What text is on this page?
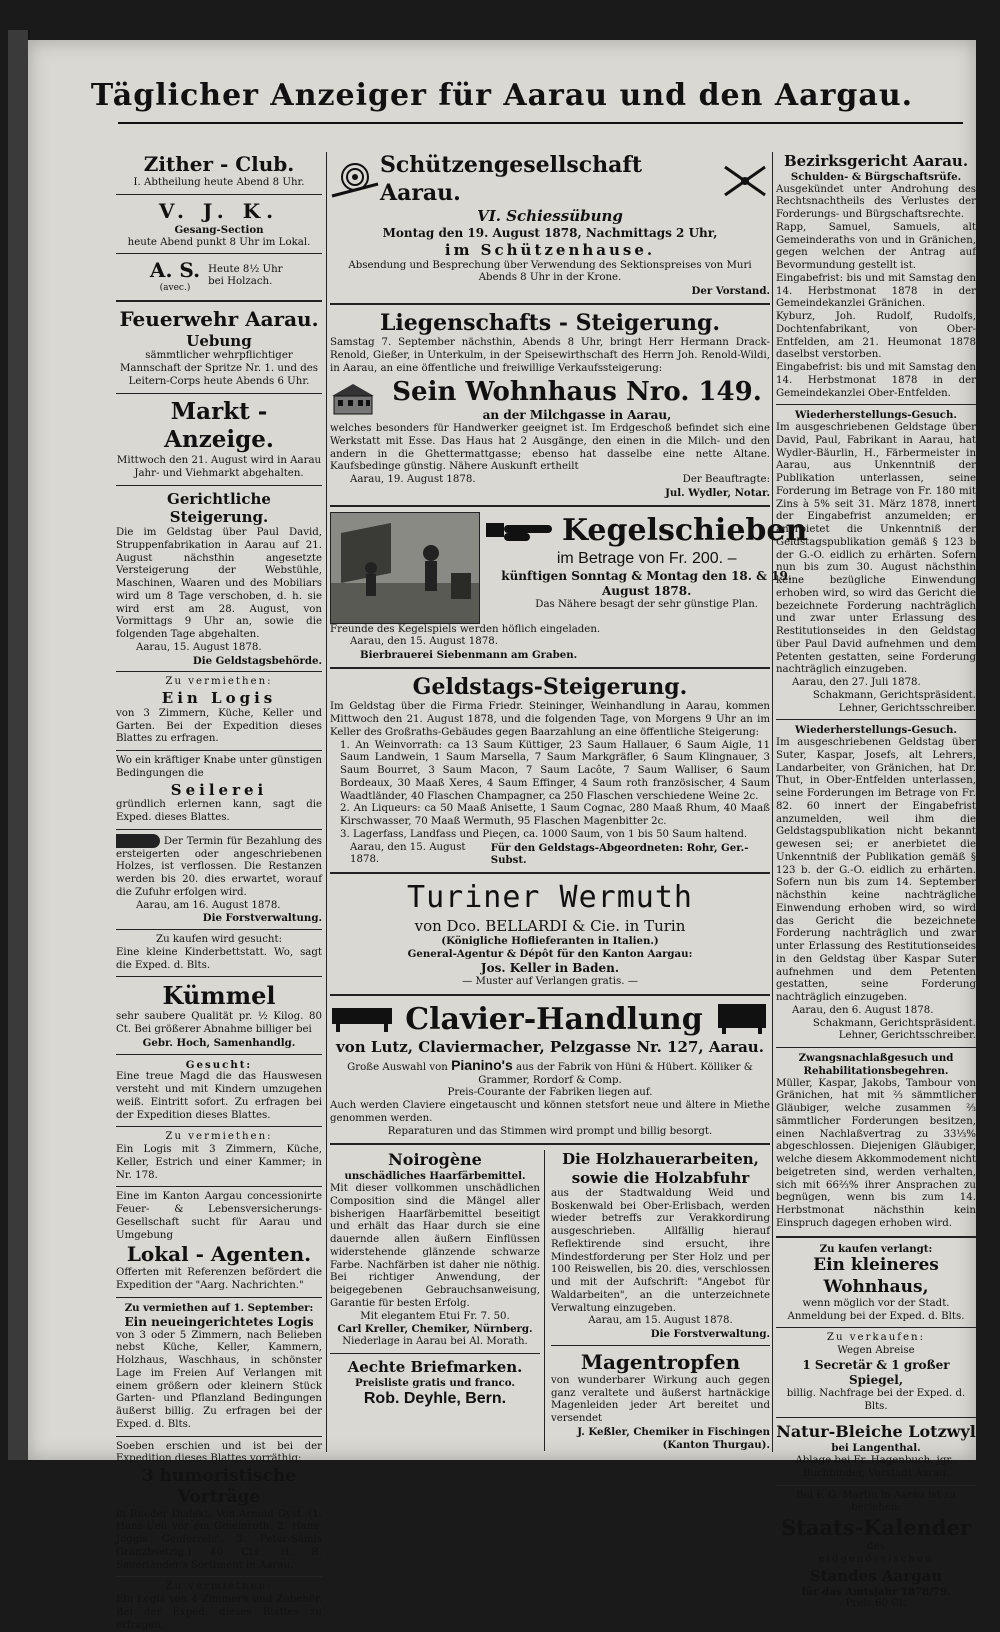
Täglicher Anzeiger für Aarau und den Aargau.

Zither - Club.

I. Abtheilung heute Abend 8 Uhr.

V. J. K.

Gesang-Section

heute Abend punkt 8 Uhr im Lokal.

A. S.

(avec.)

Heute 8½ Uhr bei Holzach.

Feuerwehr Aarau.

Uebung

sämmtlicher wehrpflichtiger Mannschaft der Spritze Nr. 1. und des Leitern-Corps heute Abends 6 Uhr.

Markt - Anzeige.

Mittwoch den 21. August wird in Aarau Jahr- und Viehmarkt abgehalten.

Gerichtliche Steigerung.

Die im Geldstag über Paul David, Struppenfabrikation in Aarau auf 21. August nächsthin angesetzte Versteigerung der Webstühle, Maschinen, Waaren und des Mobiliars wird um 8 Tage verschoben, d. h. sie wird erst am 28. August, von Vormittags 9 Uhr an, sowie die folgenden Tage abgehalten.

Aarau, 15. August 1878.

Die Geldstagsbehörde.

Zu vermiethen:

Ein Logis

von 3 Zimmern, Küche, Keller und Garten. Bei der Expedition dieses Blattes zu erfragen.

Wo ein kräftiger Knabe unter günstigen Bedingungen die

Seilerei

gründlich erlernen kann, sagt die Exped. dieses Blattes.

Der Termin für Bezahlung des ersteigerten oder angeschriebenen Holzes, ist verflossen. Die Restanzen werden bis 20. dies erwartet, worauf die Zufuhr erfolgen wird.

Aarau, am 16. August 1878.

Die Forstverwaltung.

Zu kaufen wird gesucht:

Eine kleine Kinderbettstatt. Wo, sagt die Exped. d. Blts.

Kümmel

sehr saubere Qualität pr. ½ Kilog. 80 Ct. Bei größerer Abnahme billiger bei

Gebr. Hoch, Samenhandlg.

Gesucht:

Eine treue Magd die das Hauswesen versteht und mit Kindern umzugehen weiß. Eintritt sofort. Zu erfragen bei der Expedition dieses Blattes.

Zu vermiethen:

Ein Logis mit 3 Zimmern, Küche, Keller, Estrich und einer Kammer; in Nr. 178.

Eine im Kanton Aargau concessionirte Feuer- & Lebensversicherungs-Gesellschaft sucht für Aarau und Umgebung

Lokal - Agenten.

Offerten mit Referenzen befördert die Expedition der "Aarg. Nachrichten."

Zu vermiethen auf 1. September:

Ein neueingerichtetes Logis

von 3 oder 5 Zimmern, nach Belieben nebst Küche, Keller, Kammern, Holzhaus, Waschhaus, in schönster Lage im Freien Auf Verlangen mit einem größern oder kleinern Stück Garten- und Pflanzland Bedingungen äußerst billig. Zu erfragen bei der Exped. d. Blts.

Soeben erschien und ist bei der Expedition dieses Blattes vorräthig:

3 humoristische Vorträge

in Rueder Dialekt. Von Arnold Gyst. (1. Hans-Ueli vor em Gmeinroth. 2. Hans-Joggis Genferreis'. 3. Peter-Sämis Gränzbsetzig.) 40 Cts. H. R. Sauerländer's Sortiment in Aarau.

Zu vermiethen:

Ein Logis von 4 Zimmern und Zubehör. Bei der Exped. dieses Blattes zu erfragen.

Schützengesellschaft Aarau.

VI. Schiessübung

Montag den 19. August 1878, Nachmittags 2 Uhr,

im Schützenhause.

Absendung und Besprechung über Verwendung des Sektionspreises von Muri Abends 8 Uhr in der Krone.

Der Vorstand.

Liegenschafts - Steigerung.

Samstag 7. September nächsthin, Abends 8 Uhr, bringt Herr Hermann Drack-Renold, Gießer, in Unterkulm, in der Speisewirthschaft des Herrn Joh. Renold-Wildi, in Aarau, an eine öffentliche und freiwillige Verkaufssteigerung:

Sein Wohnhaus Nro. 149.

an der Milchgasse in Aarau,

welches besonders für Handwerker geeignet ist. Im Erdgeschoß befindet sich eine Werkstatt mit Esse. Das Haus hat 2 Ausgänge, den einen in die Milch- und den andern in die Ghettermattgasse; ebenso hat dasselbe eine nette Altane. Kaufsbedinge günstig. Nähere Auskunft ertheilt

Aarau, 19. August 1878.	Der Beauftragte:

Jul. Wydler, Notar.

Kegelschieben

im Betrage von Fr. 200. –

künftigen Sonntag & Montag den 18. & 19. August 1878.

Das Nähere besagt der sehr günstige Plan.

Freunde des Kegelspiels werden höflich eingeladen.

Aarau, den 15. August 1878.

Bierbrauerei Siebenmann am Graben.

Geldstags-Steigerung.

Im Geldstag über die Firma Friedr. Steininger, Weinhandlung in Aarau, kommen Mittwoch den 21. August 1878, und die folgenden Tage, von Morgens 9 Uhr an im Keller des Großraths-Gebäudes gegen Baarzahlung an eine öffentliche Steigerung:

1. An Weinvorrath: ca 13 Saum Küttiger, 23 Saum Hallauer, 6 Saum Aigle, 11 Saum Landwein, 1 Saum Marsella, 7 Saum Markgräfler, 6 Saum Klingnauer, 3 Saum Bourret, 3 Saum Macon, 7 Saum Lacôte, 7 Saum Walliser, 6 Saum Bordeaux, 30 Maaß Xeres, 4 Saum Effinger, 4 Saum roth französischer, 4 Saum Waadtländer, 40 Flaschen Champagner, ca 250 Flaschen verschiedene Weine 2c.

2. An Liqueurs: ca 50 Maaß Anisette, 1 Saum Cognac, 280 Maaß Rhum, 40 Maaß Kirschwasser, 70 Maaß Wermuth, 95 Flaschen Magenbitter 2c.

3. Lagerfass, Landfass und Pieçen, ca. 1000 Saum, von 1 bis 50 Saum haltend.

Aarau, den 15. August 1878.
Für den Geldstags-Abgeordneten: Rohr, Ger.-Subst.

Turiner Wermuth

von Dco. BELLARDI & Cie. in Turin

(Königliche Hoflieferanten in Italien.)

General-Agentur & Dépôt für den Kanton Aargau:

Jos. Keller in Baden.

— Muster auf Verlangen gratis. —

Clavier-Handlung

von Lutz, Claviermacher, Pelzgasse Nr. 127, Aarau.

Große Auswahl von Pianino's aus der Fabrik von Hüni & Hübert. Kölliker & Grammer, Rordorf & Comp.

Preis-Courante der Fabriken liegen auf.

Auch werden Claviere eingetauscht und können stetsfort neue und ältere in Miethe genommen werden.

Reparaturen und das Stimmen wird prompt und billig besorgt.

Noirogène

unschädliches Haarfärbemittel.

Mit dieser vollkommen unschädlichen Composition sind die Mängel aller bisherigen Haarfärbemittel beseitigt und erhält das Haar durch sie eine dauernde allen äußern Einflüssen widerstehende glänzende schwarze Farbe. Nachfärben ist daher nie nöthig. Bei richtiger Anwendung, der beigegebenen Gebrauchsanweisung, Garantie für besten Erfolg.

Mit elegantem Etui Fr. 7. 50.

Carl Kreller, Chemiker, Nürnberg.

Niederlage in Aarau bei Al. Morath.

Aechte Briefmarken.

Preisliste gratis und franco.

Rob. Deyhle, Bern.

Die Holzhauerarbeiten, sowie die Holzabfuhr

aus der Stadtwaldung Weid und Boskenwald bei Ober-Erlisbach, werden wieder betreffs zur Verakkordirung ausgeschrieben. Allfällig hierauf Reflektirende sind ersucht, ihre Mindestforderung per Ster Holz und per 100 Reiswellen, bis 20. dies, verschlossen und mit der Aufschrift: "Angebot für Waldarbeiten", an die unterzeichnete Verwaltung einzugeben.

Aarau, am 15. August 1878.

Die Forstverwaltung.

Magentropfen

von wunderbarer Wirkung auch gegen ganz veraltete und äußerst hartnäckige Magenleiden jeder Art bereitet und versendet

J. Keßler, Chemiker in Fischingen (Kanton Thurgau).

Bezirksgericht Aarau.

Schulden- & Bürgschaftsrüfe.

Ausgekündet unter Androhung des Rechtsnachtheils des Verlustes der Forderungs- und Bürgschaftsrechte.

Rapp, Samuel, Samuels, alt Gemeinderaths von und in Gränichen, gegen welchen der Antrag auf Bevormundung gestellt ist.

Eingabefrist: bis und mit Samstag den 14. Herbstmonat 1878 in der Gemeindekanzlei Gränichen.

Kyburz, Joh. Rudolf, Rudolfs, Dochtenfabrikant, von Ober-Entfelden, am 21. Heumonat 1878 daselbst verstorben.

Eingabefrist: bis und mit Samstag den 14. Herbstmonat 1878 in der Gemeindekanzlei Ober-Entfelden.

Wiederherstellungs-Gesuch.

Im ausgeschriebenen Geldstage über David, Paul, Fabrikant in Aarau, hat Wydler-Bäurlin, H., Färbermeister in Aarau, aus Unkenntniß der Publikation unterlassen, seine Forderung im Betrage von Fr. 180 mit Zins à 5% seit 31. März 1878, innert der Eingabefrist anzumelden; er anerbietet die Unkenntniß der Geldstagspublikation gemäß § 123 b der G.-O. eidlich zu erhärten. Sofern nun bis zum 30. August nächsthin keine bezügliche Einwendung erhoben wird, so wird das Gericht die bezeichnete Forderung nachträglich und zwar unter Erlassung des Restitutionseides in den Geldstag über Paul David aufnehmen und dem Petenten gestatten, seine Forderung nachträglich einzugeben.

Aarau, den 27. Juli 1878.

Schakmann, Gerichtspräsident.

Lehner, Gerichtsschreiber.

Wiederherstellungs-Gesuch.

Im ausgeschriebenen Geldstag über Suter, Kaspar, Josefs, alt Lehrers, Landarbeiter, von Gränichen, hat Dr. Thut, in Ober-Entfelden unterlassen, seine Forderungen im Betrage von Fr. 82. 60 innert der Eingabefrist anzumelden, weil ihm die Geldstagspublikation nicht bekannt gewesen sei; er anerbietet die Unkenntniß der Publikation gemäß § 123 b. der G.-O. eidlich zu erhärten. Sofern nun bis zum 14. September nächsthin keine nachträgliche Einwendung erhoben wird, so wird das Gericht die bezeichnete Forderung nachträglich und zwar unter Erlassung des Restitutionseides in den Geldstag über Kaspar Suter aufnehmen und dem Petenten gestatten, seine Forderung nachträglich einzugeben.

Aarau, den 6. August 1878.

Schakmann, Gerichtspräsident.

Lehner, Gerichtsschreiber.

Zwangsnachlaßgesuch und Rehabilitationsbegehren.

Müller, Kaspar, Jakobs, Tambour von Gränichen, hat mit ⅔ sämmtlicher Gläubiger, welche zusammen ⅔ sämmtlicher Forderungen besitzen, einen Nachlaßvertrag zu 33⅓% abgeschlossen. Diejenigen Gläubiger, welche diesem Akkommodement nicht beigetreten sind, werden verhalten, sich mit 66⅔% ihrer Ansprachen zu begnügen, wenn bis zum 14. Herbstmonat nächsthin kein Einspruch dagegen erhoben wird.

Zu kaufen verlangt:

Ein kleineres Wohnhaus,

wenn möglich vor der Stadt. Anmeldung bei der Exped. d. Blts.

Zu verkaufen:

Wegen Abreise

1 Secretär & 1 großer Spiegel,

billig. Nachfrage bei der Exped. d. Blts.

Natur-Bleiche Lotzwyl

bei Langenthal.

Ablage bei Fr. Hagenbuch, jgr., Buchbinder, Vorstadt Aarau.

Bei F. G. Martin in Aarau ist zu beziehen:

Staats-Kalender

des

eidgenössischen

Standes Aargau

für das Amtsjahr 1878/79.

Preis 60 Ct.
